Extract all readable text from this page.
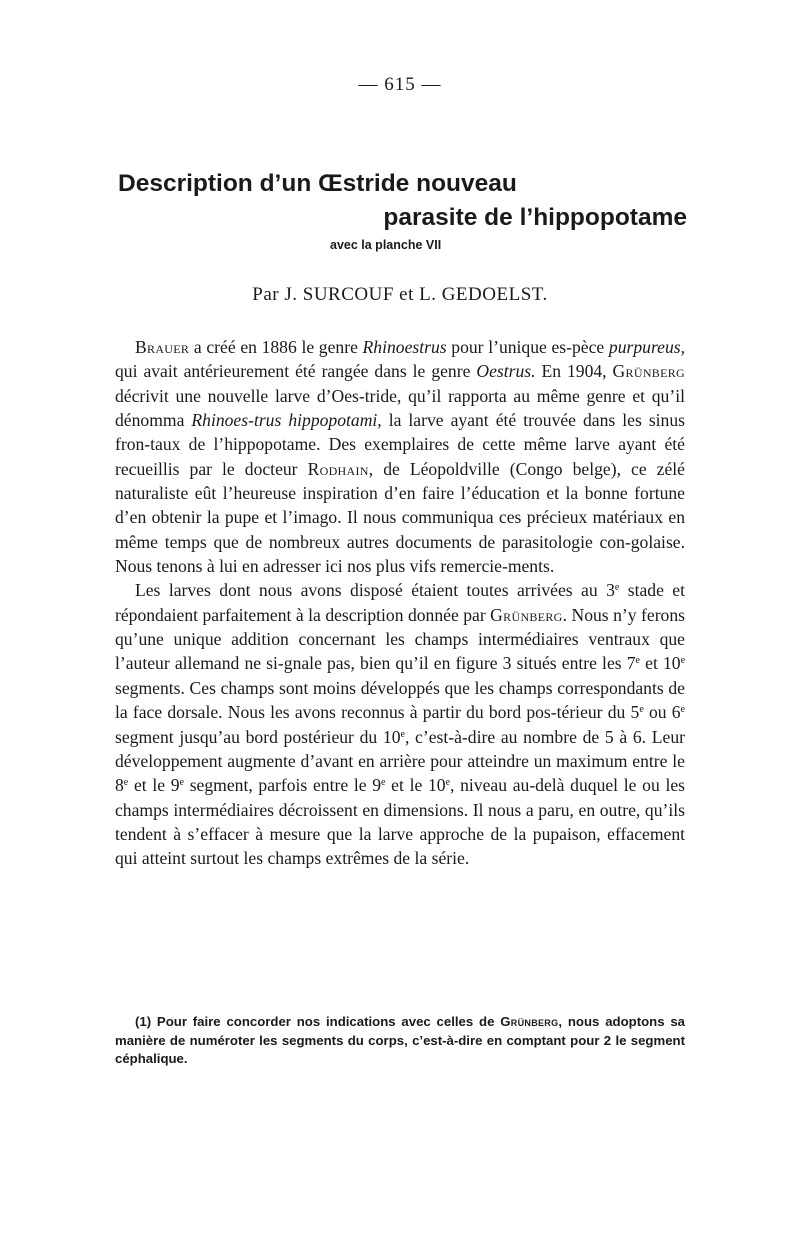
— 615 —
Description d’un Œstride nouveau
parasite de l’hippopotame
avec la planche VII
Par J. SURCOUF et L. GEDOELST.

Brauer a créé en 1886 le genre Rhinoestrus pour l’unique es-pèce purpureus, qui avait antérieurement été rangée dans le genre Oestrus. En 1904, Grünberg décrivit une nouvelle larve d’Oes-tride, qu’il rapporta au même genre et qu’il dénomma Rhinoes-trus hippopotami, la larve ayant été trouvée dans les sinus fron-taux de l’hippopotame. Des exemplaires de cette même larve ayant été recueillis par le docteur Rodhain, de Léopoldville (Congo belge), ce zélé naturaliste eût l’heureuse inspiration d’en faire l’éducation et la bonne fortune d’en obtenir la pupe et l’imago. Il nous communiqua ces précieux matériaux en même temps que de nombreux autres documents de parasitologie con-golaise. Nous tenons à lui en adresser ici nos plus vifs remercie-ments.

Les larves dont nous avons disposé étaient toutes arrivées au 3e stade et répondaient parfaitement à la description donnée par Grünberg. Nous n’y ferons qu’une unique addition concernant les champs intermédiaires ventraux que l’auteur allemand ne si-gnale pas, bien qu’il en figure 3 situés entre les 7e et 10e segments. Ces champs sont moins développés que les champs correspondants de la face dorsale. Nous les avons reconnus à partir du bord pos-térieur du 5e ou 6e segment jusqu’au bord postérieur du 10e, c’est-à-dire au nombre de 5 à 6. Leur développement augmente d’avant en arrière pour atteindre un maximum entre le 8e et le 9e segment, parfois entre le 9e et le 10e, niveau au-delà duquel le ou les champs intermédiaires décroissent en dimensions. Il nous a paru, en outre, qu’ils tendent à s’effacer à mesure que la larve approche de la pupaison, effacement qui atteint surtout les champs extrêmes de la série.

(1) Pour faire concorder nos indications avec celles de Grünberg, nous adoptons sa manière de numéroter les segments du corps, c’est-à-dire en comptant pour 2 le segment céphalique.
